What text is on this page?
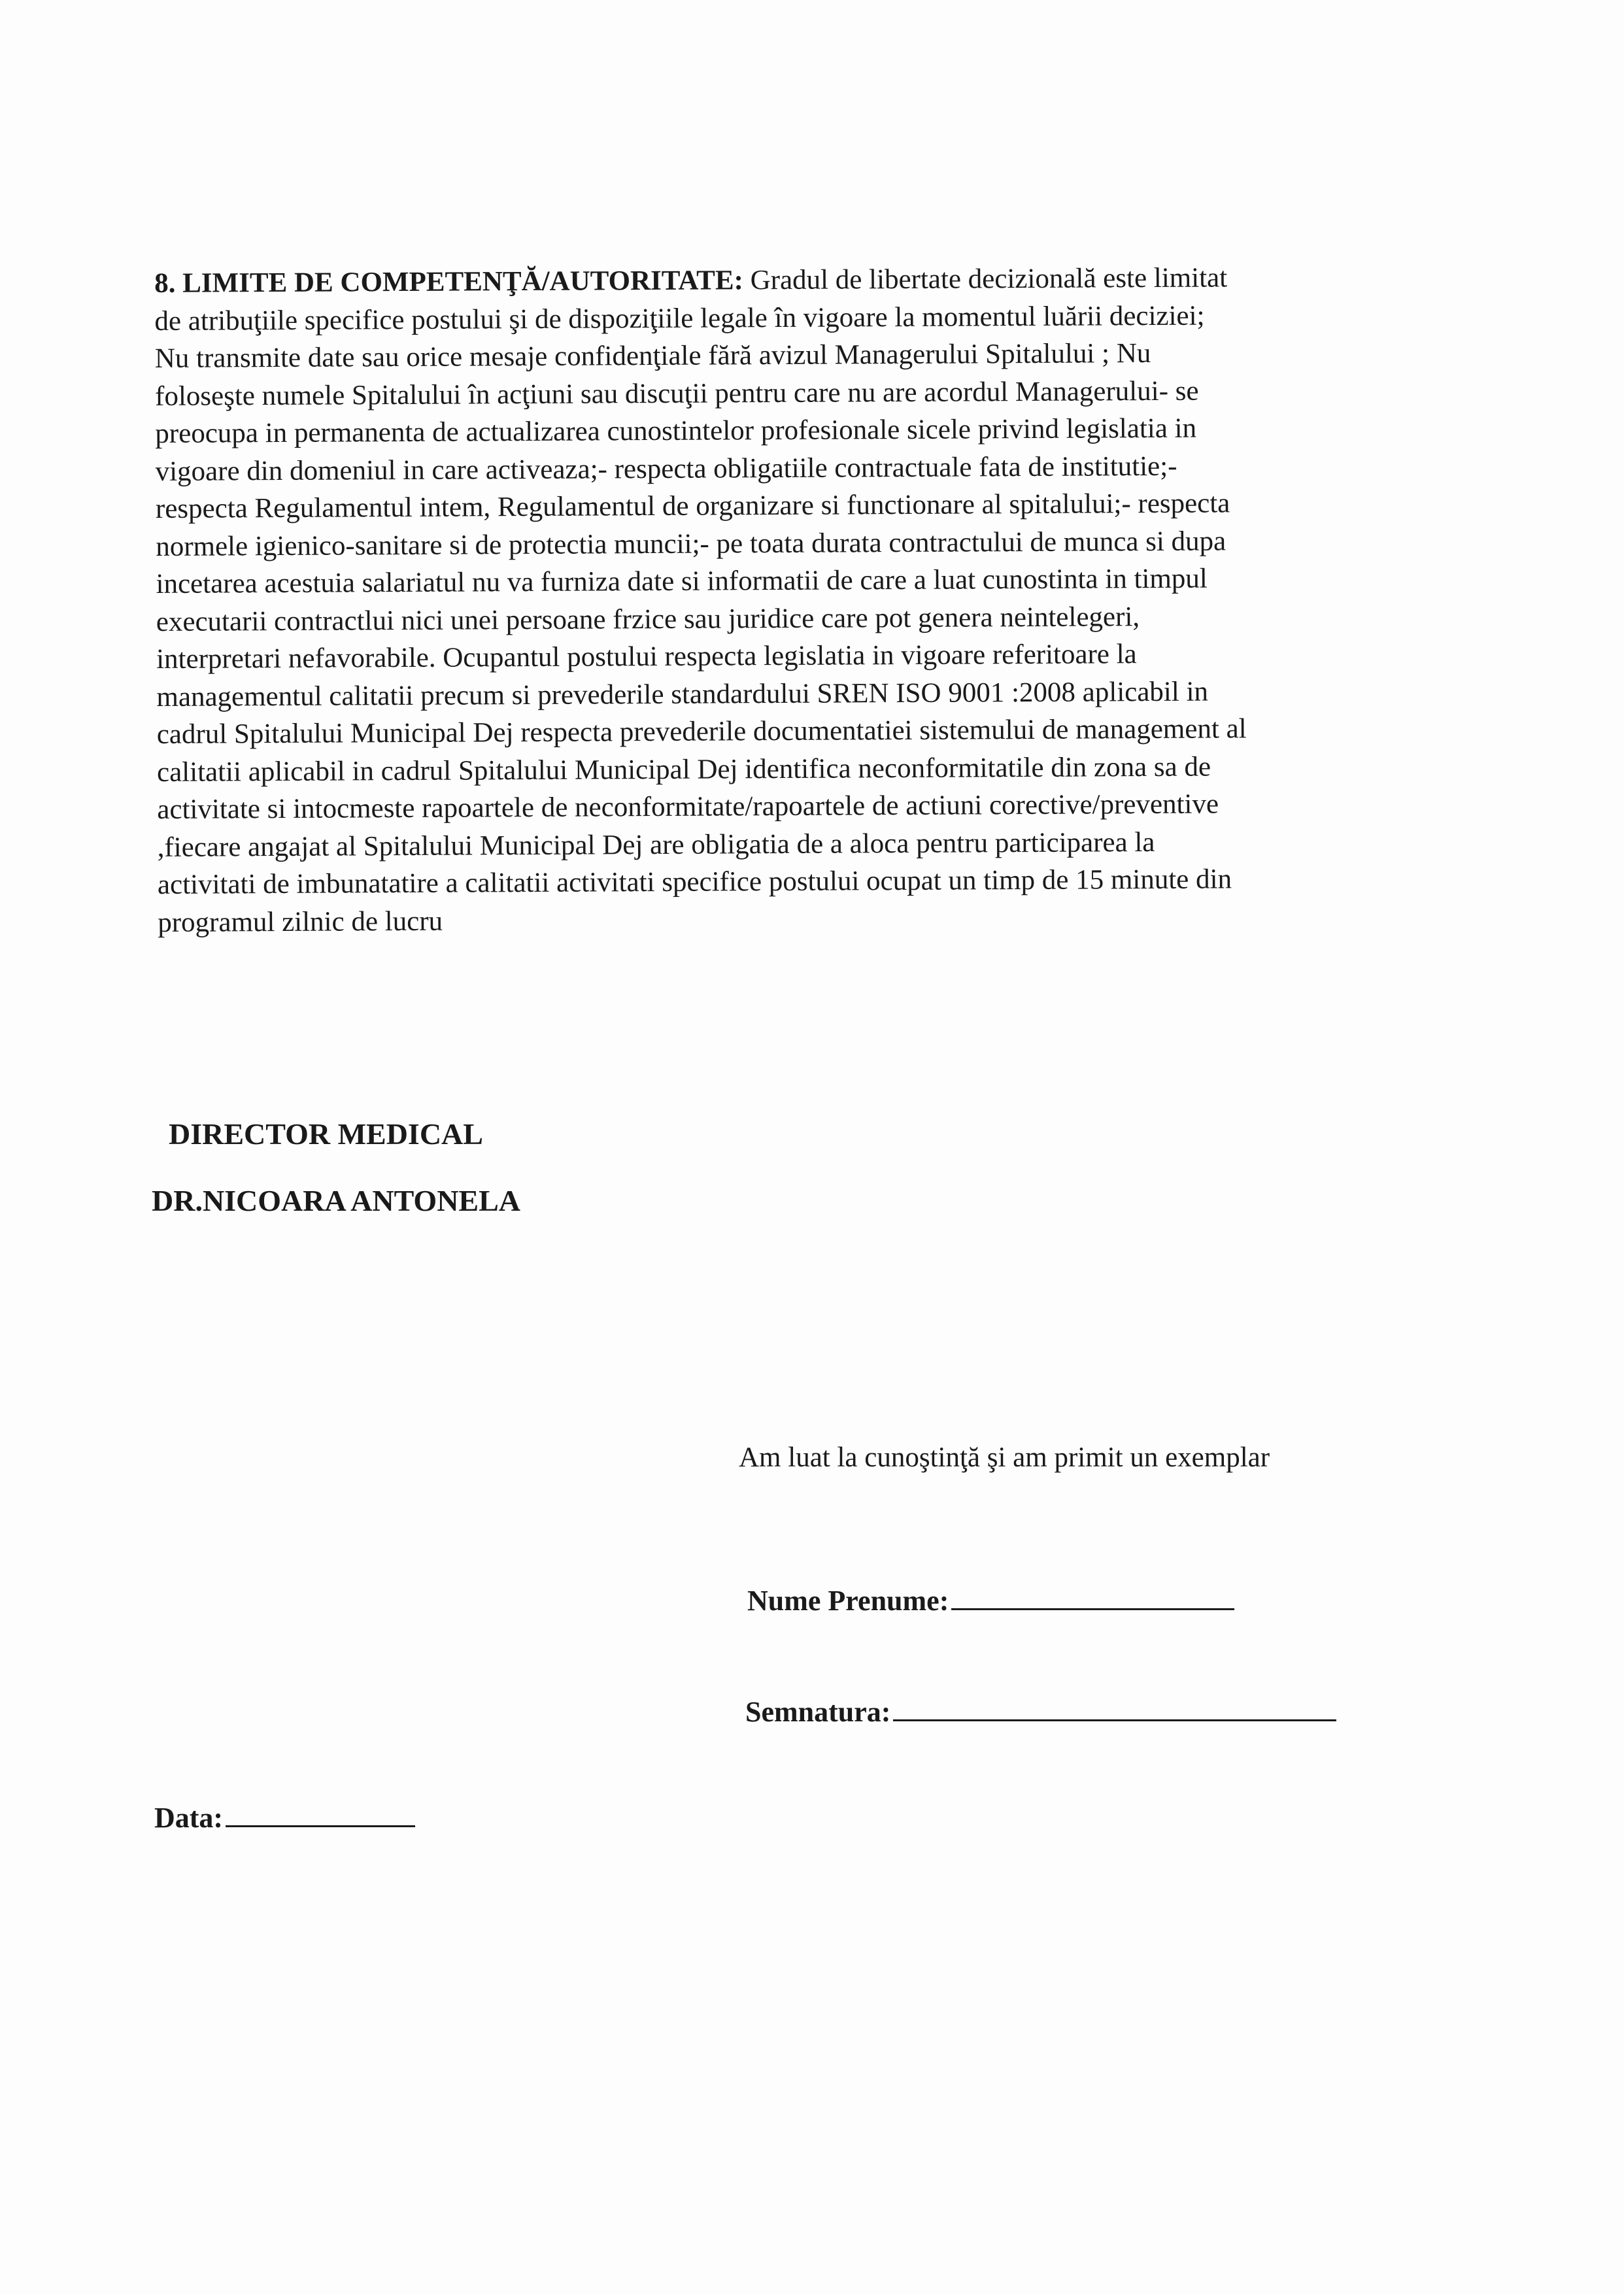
8. LIMITE DE COMPETENŢĂ/AUTORITATE: Gradul de libertate decizională este limitat

de atribuţiile specifice postului şi de dispoziţiile legale în vigoare la momentul luării deciziei;

Nu transmite date sau orice mesaje confidenţiale fără avizul Managerului Spitalului ; Nu

foloseşte numele Spitalului în acţiuni sau discuţii pentru care nu are acordul Managerului- se

preocupa in permanenta de actualizarea cunostintelor profesionale sicele privind legislatia in

vigoare din domeniul in care activeaza;- respecta obligatiile contractuale fata de institutie;-

respecta Regulamentul intem, Regulamentul de organizare si functionare al spitalului;- respecta

normele igienico-sanitare si de protectia muncii;- pe toata durata contractului de munca si dupa

incetarea acestuia salariatul nu va furniza date si informatii de care a luat cunostinta in timpul

executarii contractlui nici unei persoane frzice sau juridice care pot genera neintelegeri,

interpretari nefavorabile. Ocupantul postului respecta legislatia in vigoare referitoare la

managementul calitatii precum si prevederile standardului SREN ISO 9001 :2008 aplicabil in

cadrul Spitalului Municipal Dej respecta prevederile documentatiei sistemului de management al

calitatii aplicabil in cadrul Spitalului Municipal Dej identifica neconformitatile din zona sa de

activitate si intocmeste rapoartele de neconformitate/rapoartele de actiuni corective/preventive

,fiecare angajat al Spitalului Municipal Dej are obligatia de a aloca pentru participarea la

activitati de imbunatatire a calitatii activitati specifice postului ocupat un timp de 15 minute din

programul zilnic de lucru

DIRECTOR MEDICAL

DR.NICOARA ANTONELA

Am luat la cunoştinţă şi am primit un exemplar

Nume Prenume:
Semnatura:
Data:
